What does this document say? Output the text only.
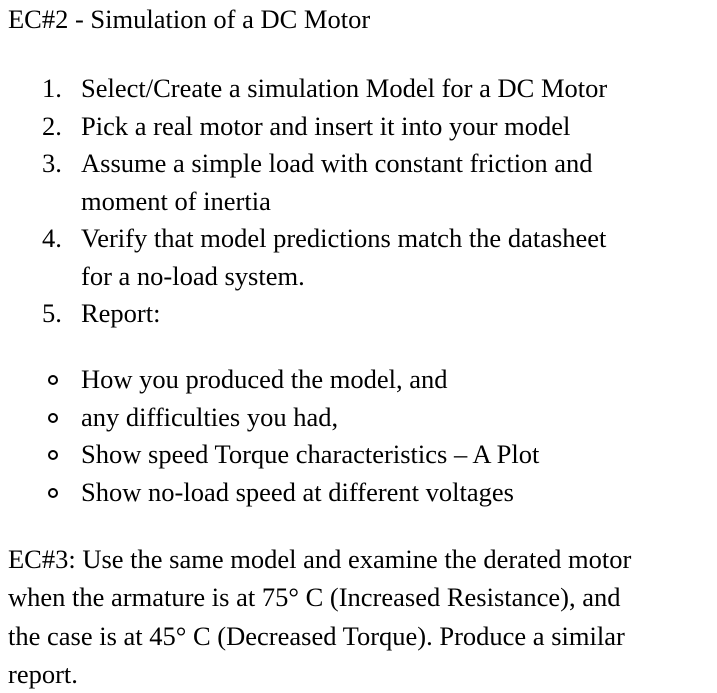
EC#2 - Simulation of a DC Motor
1. Select/Create a simulation Model for a DC Motor
2. Pick a real motor and insert it into your model
3. Assume a simple load with constant friction and
moment of inertia
4. Verify that model predictions match the datasheet
for a no-load system.
5. Report:
How you produced the model, and
any difficulties you had,
Show speed Torque characteristics – A Plot
Show no-load speed at different voltages

EC#3: Use the same model and examine the derated motor
when the armature is at 75° C (Increased Resistance), and
the case is at 45° C (Decreased Torque). Produce a similar
report.
